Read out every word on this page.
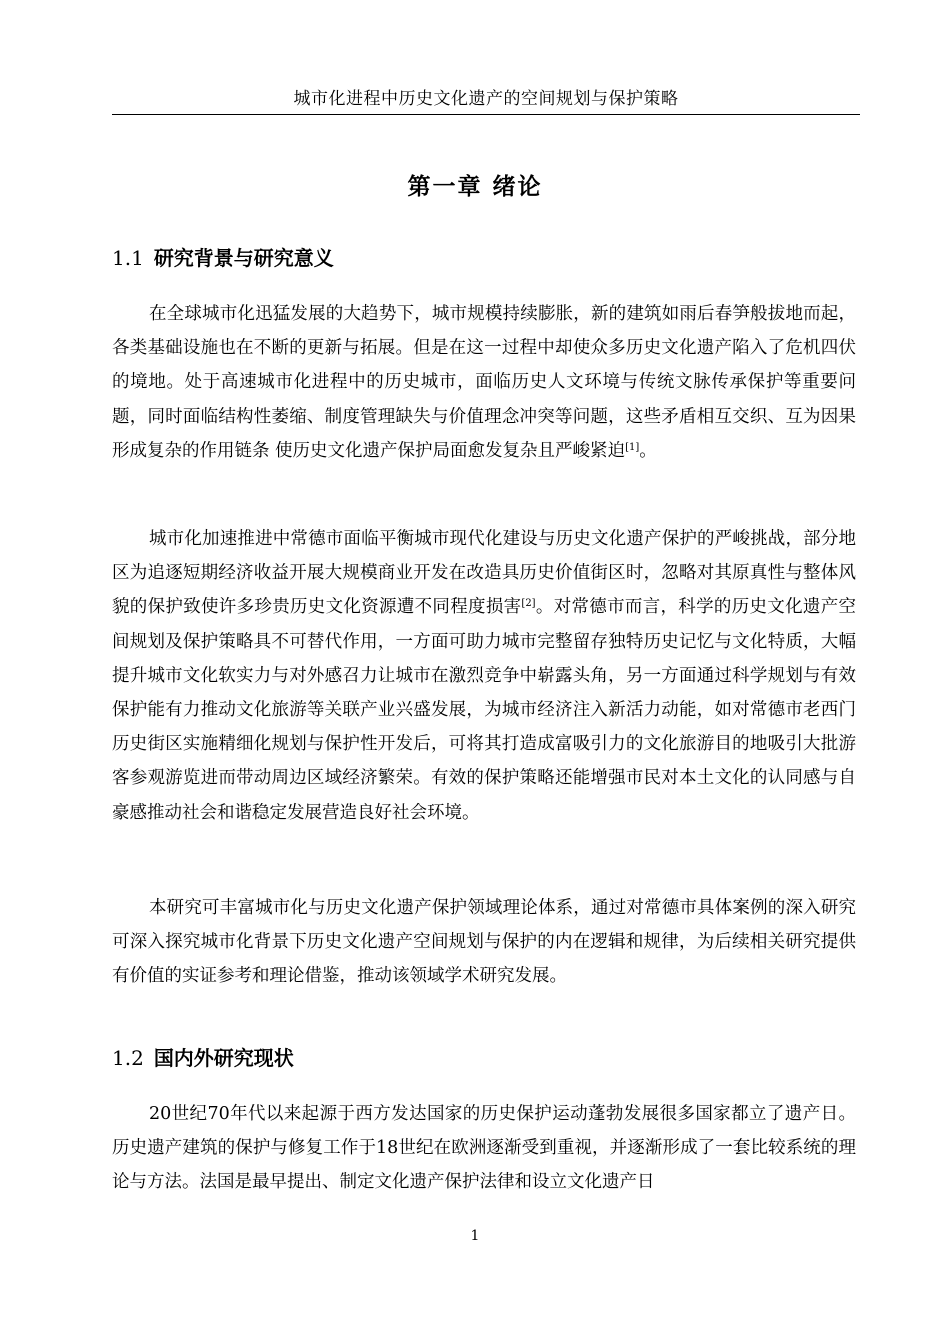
城市化进程中历史文化遗产的空间规划与保护策略
第一章 绪论
1.1 研究背景与研究意义

在全球城市化迅猛发展的大趋势下，城市规模持续膨胀，新的建筑如雨后春笋般拔地而起，各类基础设施也在不断的更新与拓展。但是在这一过程中却使众多历史文化遗产陷入了危机四伏的境地。处于高速城市化进程中的历史城市，面临历史人文环境与传统文脉传承保护等重要问题，同时面临结构性萎缩、制度管理缺失与价值理念冲突等问题，这些矛盾相互交织、互为因果形成复杂的作用链条 使历史文化遗产保护局面愈发复杂且严峻紧迫[1]。

城市化加速推进中常德市面临平衡城市现代化建设与历史文化遗产保护的严峻挑战，部分地区为追逐短期经济收益开展大规模商业开发在改造具历史价值街区时，忽略对其原真性与整体风貌的保护致使许多珍贵历史文化资源遭不同程度损害[2]。对常德市而言，科学的历史文化遗产空间规划及保护策略具不可替代作用，一方面可助力城市完整留存独特历史记忆与文化特质，大幅提升城市文化软实力与对外感召力让城市在激烈竞争中崭露头角，另一方面通过科学规划与有效保护能有力推动文化旅游等关联产业兴盛发展，为城市经济注入新活力动能，如对常德市老西门历史街区实施精细化规划与保护性开发后，可将其打造成富吸引力的文化旅游目的地吸引大批游客参观游览进而带动周边区域经济繁荣。有效的保护策略还能增强市民对本土文化的认同感与自豪感推动社会和谐稳定发展营造良好社会环境。

本研究可丰富城市化与历史文化遗产保护领域理论体系，通过对常德市具体案例的深入研究可深入探究城市化背景下历史文化遗产空间规划与保护的内在逻辑和规律，为后续相关研究提供有价值的实证参考和理论借鉴，推动该领域学术研究发展。

1.2 国内外研究现状

20世纪70年代以来起源于西方发达国家的历史保护运动蓬勃发展很多国家都立了遗产日。历史遗产建筑的保护与修复工作于18世纪在欧洲逐渐受到重视，并逐渐形成了一套比较系统的理论与方法。法国是最早提出、制定文化遗产保护法律和设立文化遗产日

1
